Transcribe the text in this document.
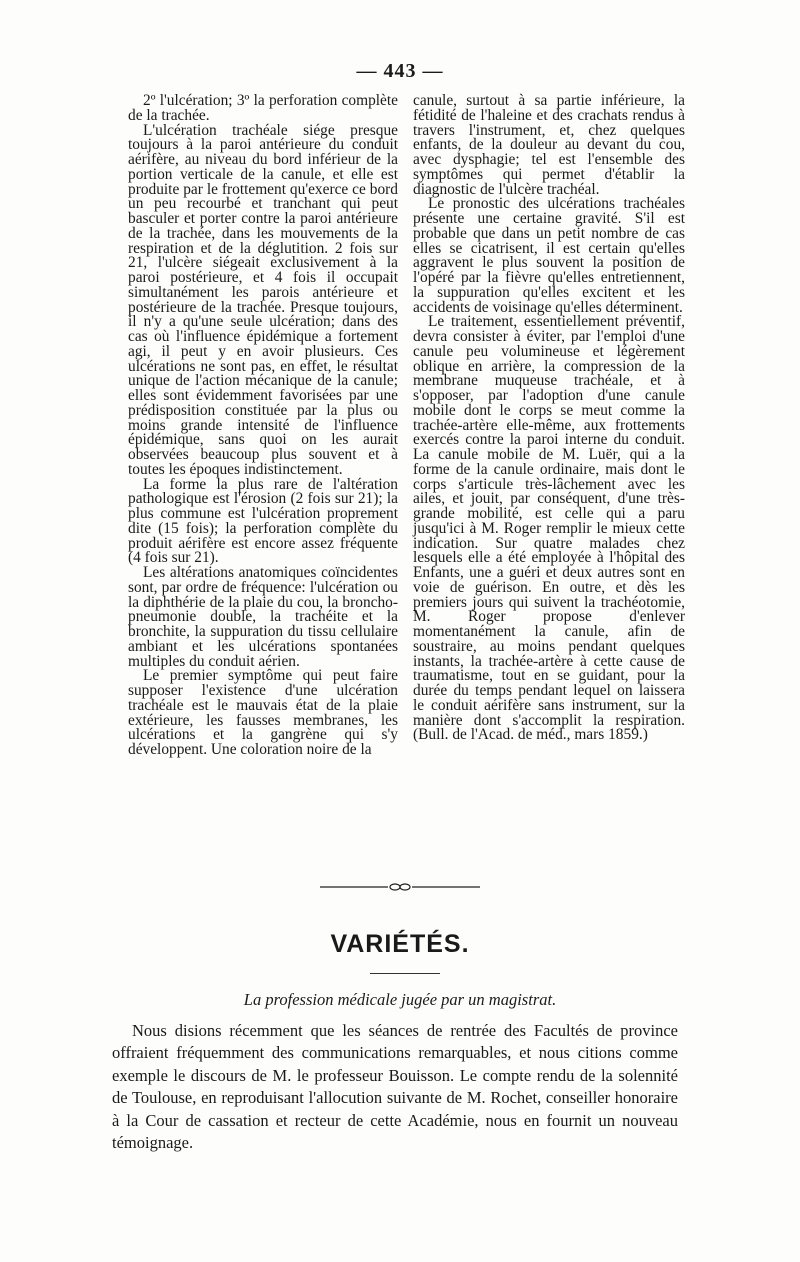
— 443 —

2º l'ulcération; 3º la perforation complète de la trachée.

L'ulcération trachéale siége presque toujours à la paroi antérieure du conduit aérifère, au niveau du bord inférieur de la portion verticale de la canule, et elle est produite par le frottement qu'exerce ce bord un peu recourbé et tranchant qui peut basculer et porter contre la paroi antérieure de la trachée, dans les mouvements de la respiration et de la déglutition. 2 fois sur 21, l'ulcère siégeait exclusivement à la paroi postérieure, et 4 fois il occupait simultanément les parois antérieure et postérieure de la trachée. Presque toujours, il n'y a qu'une seule ulcération; dans des cas où l'influence épidémique a fortement agi, il peut y en avoir plusieurs. Ces ulcérations ne sont pas, en effet, le résultat unique de l'action mécanique de la canule; elles sont évidemment favorisées par une prédisposition constituée par la plus ou moins grande intensité de l'influence épidémique, sans quoi on les aurait observées beaucoup plus souvent et à toutes les époques indistinctement.

La forme la plus rare de l'altération pathologique est l'érosion (2 fois sur 21); la plus commune est l'ulcération proprement dite (15 fois); la perforation complète du produit aérifère est encore assez fréquente (4 fois sur 21).

Les altérations anatomiques coïncidentes sont, par ordre de fréquence: l'ulcération ou la diphthérie de la plaie du cou, la broncho-pneumonie double, la trachéite et la bronchite, la suppuration du tissu cellulaire ambiant et les ulcérations spontanées multiples du conduit aérien.

Le premier symptôme qui peut faire supposer l'existence d'une ulcération trachéale est le mauvais état de la plaie extérieure, les fausses membranes, les ulcérations et la gangrène qui s'y développent. Une coloration noire de la

canule, surtout à sa partie inférieure, la fétidité de l'haleine et des crachats rendus à travers l'instrument, et, chez quelques enfants, de la douleur au devant du cou, avec dysphagie; tel est l'ensemble des symptômes qui permet d'établir la diagnostic de l'ulcère trachéal.

Le pronostic des ulcérations trachéales présente une certaine gravité. S'il est probable que dans un petit nombre de cas elles se cicatrisent, il est certain qu'elles aggravent le plus souvent la position de l'opéré par la fièvre qu'elles entretiennent, la suppuration qu'elles excitent et les accidents de voisinage qu'elles déterminent.

Le traitement, essentiellement préventif, devra consister à éviter, par l'emploi d'une canule peu volumineuse et légèrement oblique en arrière, la compression de la membrane muqueuse trachéale, et à s'opposer, par l'adoption d'une canule mobile dont le corps se meut comme la trachée-artère elle-même, aux frottements exercés contre la paroi interne du conduit. La canule mobile de M. Luër, qui a la forme de la canule ordinaire, mais dont le corps s'articule très-lâchement avec les ailes, et jouit, par conséquent, d'une très-grande mobilité, est celle qui a paru jusqu'ici à M. Roger remplir le mieux cette indication. Sur quatre malades chez lesquels elle a été employée à l'hôpital des Enfants, une a guéri et deux autres sont en voie de guérison. En outre, et dès les premiers jours qui suivent la trachéotomie, M. Roger propose d'enlever momentanément la canule, afin de soustraire, au moins pendant quelques instants, la trachée-artère à cette cause de traumatisme, tout en se guidant, pour la durée du temps pendant lequel on laissera le conduit aérifère sans instrument, sur la manière dont s'accomplit la respiration. (Bull. de l'Acad. de méd., mars 1859.)

VARIÉTÉS.
La profession médicale jugée par un magistrat.

Nous disions récemment que les séances de rentrée des Facultés de province offraient fréquemment des communications remarquables, et nous citions comme exemple le discours de M. le professeur Bouisson. Le compte rendu de la solennité de Toulouse, en reproduisant l'allocution suivante de M. Rochet, conseiller honoraire à la Cour de cassation et recteur de cette Académie, nous en fournit un nouveau témoignage.
